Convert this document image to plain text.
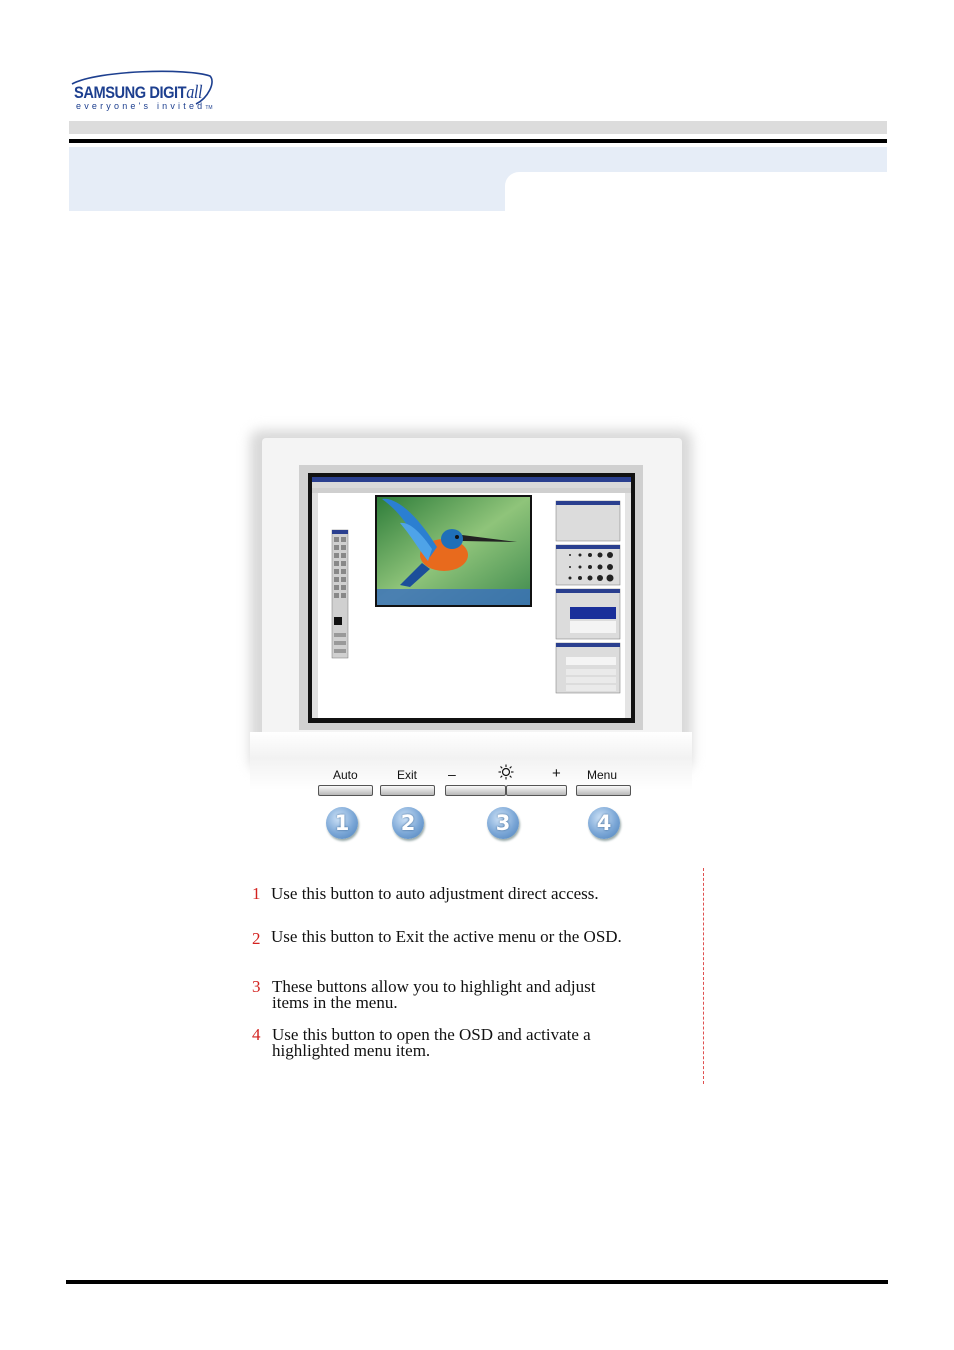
SAMSUNG DIGITall
everyone's invitedTM
Auto	Exit –	+ Menu
1	2	3	4
1 Use this button to auto adjustment direct access.
2 Use this button to Exit the active menu or the OSD.
3 These buttons allow you to highlight and adjust
items in the menu.
4 Use this button to open the OSD and activate a
highlighted menu item.
